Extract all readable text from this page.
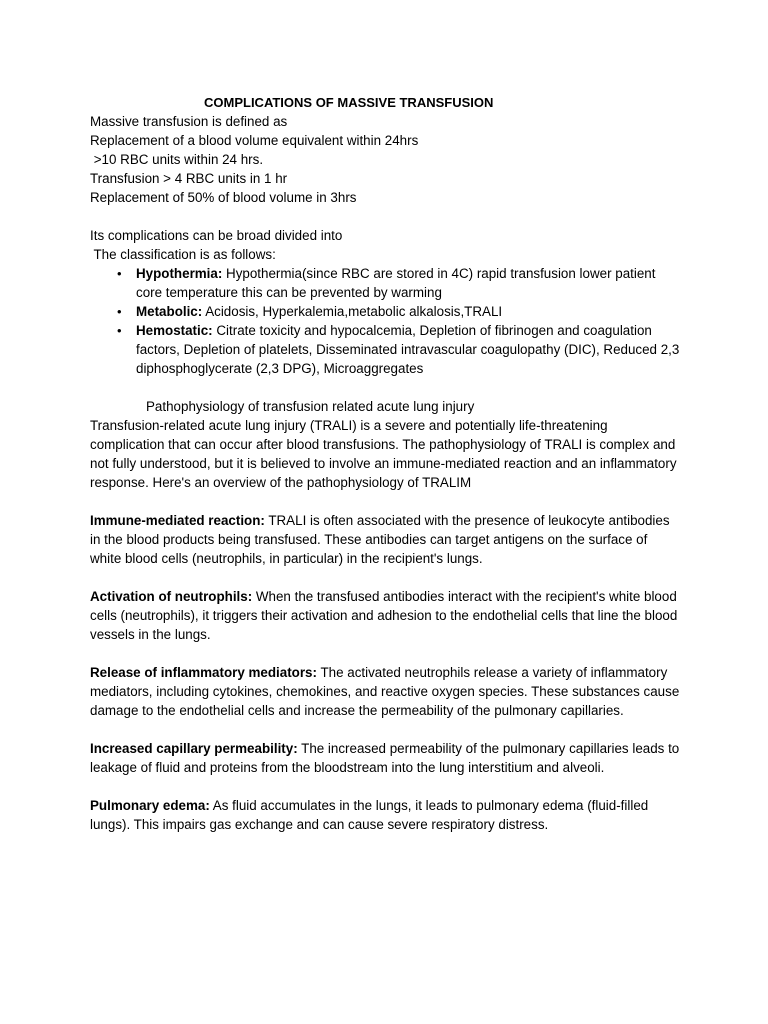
COMPLICATIONS OF MASSIVE TRANSFUSION
Massive transfusion is defined as
Replacement of a blood volume equivalent within 24hrs
>10 RBC units within 24 hrs.
Transfusion > 4 RBC units in 1 hr
Replacement of 50% of blood volume in 3hrs
Its complications can be broad divided into
The classification is as follows:
• Hypothermia: Hypothermia(since RBC are stored in 4C) rapid transfusion lower patient core temperature this can be prevented by warming
• Metabolic: Acidosis, Hyperkalemia,metabolic alkalosis,TRALI
• Hemostatic: Citrate toxicity and hypocalcemia, Depletion of fibrinogen and coagulation factors, Depletion of platelets, Disseminated intravascular coagulopathy (DIC), Reduced 2,3 diphosphoglycerate (2,3 DPG), Microaggregates
Pathophysiology of transfusion related acute lung injury

Transfusion-related acute lung injury (TRALI) is a severe and potentially life-threatening complication that can occur after blood transfusions. The pathophysiology of TRALI is complex and not fully understood, but it is believed to involve an immune-mediated reaction and an inflammatory response. Here's an overview of the pathophysiology of TRALIM

Immune-mediated reaction: TRALI is often associated with the presence of leukocyte antibodies in the blood products being transfused. These antibodies can target antigens on the surface of white blood cells (neutrophils, in particular) in the recipient's lungs.

Activation of neutrophils: When the transfused antibodies interact with the recipient's white blood cells (neutrophils), it triggers their activation and adhesion to the endothelial cells that line the blood vessels in the lungs.

Release of inflammatory mediators: The activated neutrophils release a variety of inflammatory mediators, including cytokines, chemokines, and reactive oxygen species. These substances cause damage to the endothelial cells and increase the permeability of the pulmonary capillaries.

Increased capillary permeability: The increased permeability of the pulmonary capillaries leads to leakage of fluid and proteins from the bloodstream into the lung interstitium and alveoli.

Pulmonary edema: As fluid accumulates in the lungs, it leads to pulmonary edema (fluid-filled lungs). This impairs gas exchange and can cause severe respiratory distress.
